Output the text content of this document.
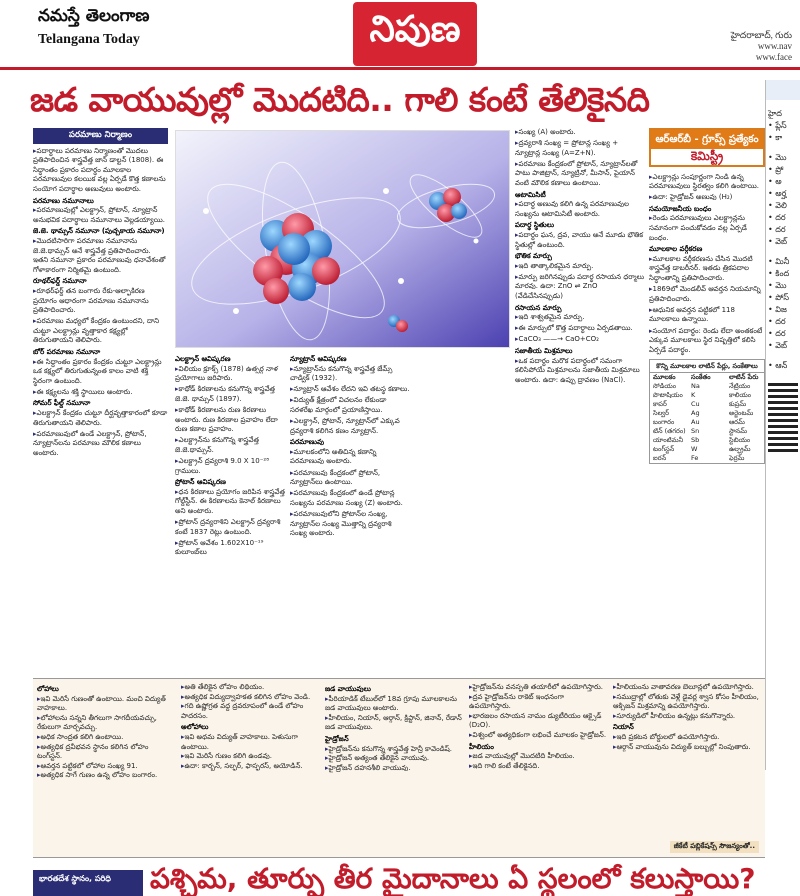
నమస్తే తెలంగాణ
Telangana Today	నిపుణ	హైదరాబాద్, గురు
www.nav
www.face
జడ వాయువుల్లో మొదటిది.. గాలి కంటే తేలికైనది	హైద
• ప్లేస్
• కా
• మెు
• ప్రో
• అ
• అర్హ
• వెలి
• దర
• దర
• వెబ్
• మినీ
• కింద
• మెు
• పోస్
• విజ
• దర
• దర
• వెబ్
• ఆన్
పరమాణు నిర్మాణం
▸ పదార్థాలు పరమాణు నిర్మాణంతో మొదలు ప్రతిపాదించిన శాస్త్రవేత్త జాన్ డాల్టన్ (1808). ఈ సిద్ధాంతం ప్రకారం పదార్థం మూలకాల పరమాణువుల కలయిక వల్ల ఏర్పడే కొత్త కణాలను సంయోగ పదార్థాల అణువులు అంటారు.
పరమాణు నమూనాలు
▸ పరమాణువుల్లో ఎలక్ట్రాన్, ప్రోటాన్, న్యూట్రాన్ అనుభవిక పదార్థాలు నమూనాలు వెల్లడయ్యాయి.
జె.జె. థామ్సన్ నమూనా (పుచ్చకాయ నమూనా)
▸ మొదటిసారిగా పరమాణు నమూనాను జె.జె.థామ్సన్ అనే శాస్త్రవేత్త ప్రతిపాదించారు. ఇతని నమూనా ప్రకారం పరమాణువు ధనావేశంతో గోళాకారంగా నిర్మితమై ఉంటుంది.
రూథర్‌ఫర్డ్ నమూనా
▸ రూథర్‌ఫర్డ్ తన బంగారు రేకు-ఆల్ఫాకిరణ ప్రయోగం ఆధారంగా పరమాణు నమూనాను ప్రతిపాదించారు.
▸ పరమాణు మధ్యలో కేంద్రకం ఉంటుందని, దాని చుట్టూ ఎలక్ట్రాన్లు వృత్తాకార కక్ష్యల్లో తిరుగుతాయని తెలిపారు.
బోర్ పరమాణు నమూనా
▸ ఈ సిద్ధాంతం ప్రకారం కేంద్రకం చుట్టూ ఎలక్ట్రాన్లు ఒక కక్ష్యలో తిరుగుతున్నంత కాలం వాటి శక్తి స్థిరంగా ఉంటుంది.
▸ ఈ కక్ష్యలను శక్తి స్థాయిలు అంటారు.
సోమర్ ఫీల్డ్ నమూనా
▸ ఎలక్ట్రాన్ కేంద్రకం చుట్టూ దీర్ఘవృత్తాకారంలో కూడా తిరుగుతాయని తెలిపారు.
▸ పరమాణువులో ఉండే ఎలక్ట్రాన్, ప్రోటాన్, న్యూట్రాన్‌లను పరమాణు మౌలిక కణాలు అంటారు.
ఎలక్ట్రాన్ ఆవిష్కరణ
▸ విలియం క్రూక్స్ (1878) ఉత్సర్గ నాళ ప్రయోగాలు జరిపారు.
▸ కాథోడ్ కిరణాలను కనుగొన్న శాస్త్రవేత్త జె.జె. థామ్సన్ (1897).
▸ కాథోడ్ కిరణాలను రుణ కిరణాలు అంటారు. రుణ కిరణాల ప్రవాహం లేదా రుణ కణాల ప్రవాహం.
▸ ఎలక్ట్రాన్‌ను కనుగొన్న శాస్త్రవేత్త జె.జె.థామ్సన్.
▸ ఎలక్ట్రాన్ ద్రవ్యరాశి 9.0 X 10⁻²⁸ గ్రాములు.
ప్రోటాన్ ఆవిష్కరణ
▸ ధన కిరణాలు ప్రయోగం జరిపిన శాస్త్రవేత్త గోల్డ్‌స్టీన్. ఈ కిరణాలను కెనాల్ కిరణాలు అని అంటారు.
▸ ప్రోటాన్ ద్రవ్యరాశిని ఎలక్ట్రాన్ ద్రవ్యరాశి కంటే 1837 రెట్లు ఉంటుంది.
▸ ప్రోటాన్ ఆవేశం 1.602X10⁻¹⁹ కులూంబ్‌లు
న్యూట్రాన్ ఆవిష్కరణ
▸ న్యూట్రాన్‌ను కనుగొన్న శాస్త్రవేత్త జేమ్స్ చాడ్విక్ (1932).
▸ న్యూట్రాన్ ఆవేశం లేదని ఇవి తటస్థ కణాలు.
▸ విద్యుత్ క్షేత్రంలో విచలనం లేకుండా సరళరేఖ మార్గంలో ప్రయాణిస్తాయి.
▸ ఎలక్ట్రాన్, ప్రోటాన్, న్యూట్రాన్‌లో ఎక్కువ ద్రవ్యరాశి కలిగిన కణం న్యూట్రాన్.
పరమాణువు
▸ మూలకంలోని అతిచిన్న కణాన్ని పరమాణువు అంటారు.
▸ పరమాణువు కేంద్రకంలో ప్రోటాన్, న్యూట్రాన్‌లు ఉంటాయి.
▸ పరమాణువు కేంద్రకంలో ఉండే ప్రోటాన్ల సంఖ్యను పరమాణు సంఖ్య (Z) అంటారు.
▸ పరమాణువులోని ప్రోటాన్‌ల సంఖ్య, న్యూట్రాన్‌ల సంఖ్య మొత్తాన్ని ద్రవ్యరాశి సంఖ్య అంటారు.
▸ సంఖ్య (A) అంటారు.
▸ ద్రవ్యరాశి సంఖ్య = ప్రోటాన్ల సంఖ్య + న్యూట్రాన్ల సంఖ్య (A=Z+N).
▸ పరమాణు కేంద్రకంలో ప్రోటాన్, న్యూట్రాన్‌లతో పాటు పాజిట్రాన్, న్యూట్రినో, మీసాన్, పైయాన్ వంటి మౌలిక కణాలు ఉంటాయి.
ఆటామిసిటీ
▸ పదార్థ అణువు కలిగి ఉన్న పరమాణువుల సంఖ్యను ఆటామిసిటీ అంటారు.
పదార్థ స్థితులు
▸ పదార్థం ఘన, ద్రవ, వాయు అనే మూడు భౌతిక స్థితుల్లో ఉంటుంది.
భౌతిక మార్పు
▸ ఇది తాత్కాలికమైన మార్పు.
▸ మార్పు జరిగినప్పుడు పదార్థ రసాయన ధర్మాలు మారవు. ఉదా: ZnO ⇌ ZnO (వేడిచేసినప్పుడు)
రసాయన మార్పు
▸ ఇది శాశ్వతమైన మార్పు.
▸ ఈ మార్పులో కొత్త పదార్థాలు ఏర్పడతాయి.
▸ CaCO₃ ——→ CaO+CO₂
సజాతీయ మిశ్రమాలు
▸ ఒక పదార్థం మరొక పదార్థంలో సమంగా కలిసిపోయే మిశ్రమాలను సజాతీయ మిశ్రమాలు అంటారు. ఉదా: ఉప్పు ద్రావణం (NaCl).
ఆర్ఆర్‌బీ - గ్రూప్స్ ప్రత్యేకం
కెమిస్ట్రీ
▸ ఎలక్ట్రాన్లు సంపూర్ణంగా నిండి ఉన్న పరమాణువులు స్థిరత్వం కలిగి ఉంటాయి.
▸ ఉదా: హైడ్రోజన్ అణువు (H₂)
సమయోజనీయ బంధం
▸ రెండు పరమాణువులు ఎలక్ట్రాన్లను సమానంగా పంచుకోవడం వల్ల ఏర్పడే బంధం.
మూలకాల వర్గీకరణ
▸ మూలకాల వర్గీకరణను చేసిన మొదటి శాస్త్రవేత్త డాబరీనర్. ఇతడు త్రికపదాల సిద్ధాంతాన్ని ప్రతిపాదించారు.
▸ 1869లో మెండలీవ్ ఆవర్తన నియమాన్ని ప్రతిపాదించారు.
▸ ఆధునిక ఆవర్తన పట్టికలో 118 మూలకాలు ఉన్నాయి.
▸ సంయోగ పదార్థం: రెండు లేదా అంతకంటే ఎక్కువ మూలకాలు స్థిర నిష్పత్తిలో కలిసి ఏర్పడే పదార్థం.
కొన్ని మూలకాల లాటిన్ పేర్లు, సంకేతాలు
మూలకం	సంకేతం	లాటిన్ పేరు
సోడియం	Na	నేట్రియం
పొటాషియం	K	కాలియం
కాపర్	Cu	కుప్రమ్
సిల్వర్	Ag	అర్జెంటమ్
బంగారం	Au	ఆరమ్
టిన్ (తగరం) Sn	స్టానమ్
యాంటిమనీ	Sb	స్టిబియం
టంగ్‌స్టన్	W	ఉల్ఫ్రమ్
ఐరన్	Fe	ఫెర్రమ్
లోహాలు
▸ ఇవి మెరిసే గుణంతో ఉంటాయి. మంచి విద్యుత్ వాహకాలు.
▸ లోహాలను సన్నని తీగలుగా సాగదీయవచ్చు, రేకులుగా మార్చవచ్చు.
▸ అధిక సాంద్రత కలిగి ఉంటాయి.
▸ అత్యధిక ద్రవీభవన స్థానం కలిగిన లోహం టంగ్‌స్టన్.
▸ ఆవర్తన పట్టికలో లోహాల సంఖ్య 91.
▸ అత్యధిక సాగే గుణం ఉన్న లోహం బంగారం.
▸ అతి తేలికైన లోహం లిథియం.
▸ అత్యధిక విద్యుద్వాహకత కలిగిన లోహం వెండి.
▸ గది ఉష్ణోగ్రత వద్ద ద్రవరూపంలో ఉండే లోహం పాదరసం.
అలోహాలు
▸ ఇవి అథమ విద్యుత్ వాహకాలు. పెళుసుగా ఉంటాయి.
▸ ఇవి మెరిసే గుణం కలిగి ఉండవు.
▸ ఉదా: కార్బన్, సల్ఫర్, ఫాస్ఫరస్, అయోడిన్.
జడ వాయువులు
▸ పీరియాడిక్ టేబుల్‌లో 18వ గ్రూపు మూలకాలను జడ వాయువులు అంటారు.
▸ హీలియం, నియాన్, ఆర్గాన్, క్రిప్టాన్, జినాన్, రేడాన్ జడ వాయువులు.
హైడ్రోజన్
▸ హైడ్రోజన్‌ను కనుగొన్న శాస్త్రవేత్త హెన్రీ కావెండిష్.
▸ హైడ్రోజన్ అత్యంత తేలికైన వాయువు.
▸ హైడ్రోజన్ దహనశీలి వాయువు.
▸ హైడ్రోజన్‌ను వనస్పతి తయారీలో ఉపయోగిస్తారు.
▸ ద్రవ హైడ్రోజన్‌ను రాకెట్ ఇంధనంగా ఉపయోగిస్తారు.
▸ భారజలం రసాయన నామం డ్యుటీరియం ఆక్సైడ్ (D₂O).
▸ విశ్వంలో అత్యధికంగా లభించే మూలకం హైడ్రోజన్.
హీలియం
▸ జడ వాయువుల్లో మొదటిది హీలియం.
▸ ఇది గాలి కంటే తేలికైనది.
▸ హీలియంను వాతావరణ బెలూన్లలో ఉపయోగిస్తారు.
▸ సముద్రాల్లో లోతుకు వెళ్లే డైవర్ల శ్వాస కోసం హీలియం, ఆక్సిజన్ మిశ్రమాన్ని ఉపయోగిస్తారు.
▸ సూర్యుడిలో హీలియం ఉన్నట్లు కనుగొన్నారు.
నియాన్
▸ ఇది ప్రకటన బోర్డులలో ఉపయోగిస్తారు.
▸ ఆర్గాన్ వాయువును విద్యుత్ బల్బుల్లో నింపుతారు.
జీకేటీ పబ్లికేషన్స్ సౌజన్యంతో..
భారతదేశ స్థానం, పరిధి	పశ్చిమ, తూర్పు తీర మైదానాలు ఏ స్థలంలో కలుస్తాయి?
